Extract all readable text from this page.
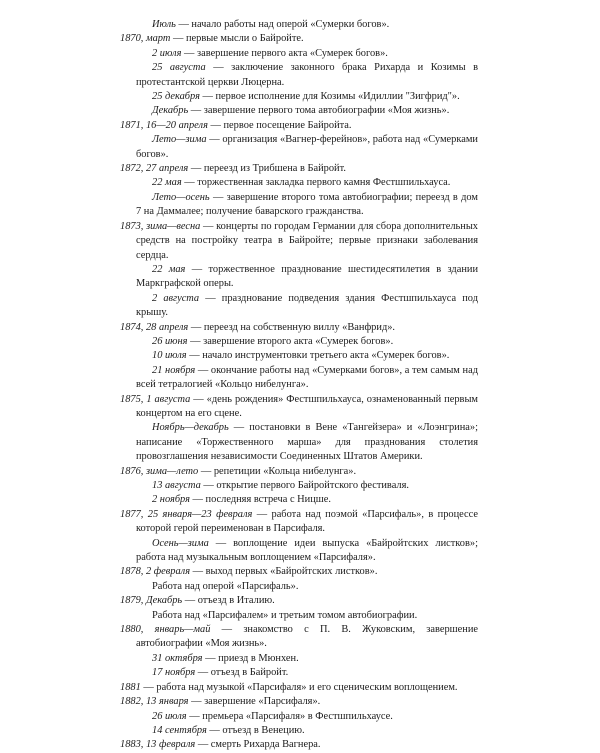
Июль — начало работы над оперой «Сумерки богов».

1870, март — первые мысли о Байройте.

2 июля — завершение первого акта «Сумерек богов».

25 августа — заключение законного брака Рихарда и Козимы в протестантской церкви Люцерна.

25 декабря — первое исполнение для Козимы «Идиллии "Зигфрид"».

Декабрь — завершение первого тома автобиографии «Моя жизнь».

1871, 16—20 апреля — первое посещение Байройта.

Лето—зима — организация «Вагнер-ферейнов», работа над «Сумерками богов».

1872, 27 апреля — переезд из Трибшена в Байройт.

22 мая — торжественная закладка первого камня Фестшпильхауса.

Лето—осень — завершение второго тома автобиографии; переезд в дом 7 на Даммалее; получение баварского гражданства.

1873, зима—весна — концерты по городам Германии для сбора дополнительных средств на постройку театра в Байройте; первые признаки заболевания сердца.

22 мая — торжественное празднование шестидесятилетия в здании Маркграфской оперы.

2 августа — празднование подведения здания Фестшпильхауса под крышу.

1874, 28 апреля — переезд на собственную виллу «Ванфрид».

26 июня — завершение второго акта «Сумерек богов».

10 июля — начало инструментовки третьего акта «Сумерек богов».

21 ноября — окончание работы над «Сумерками богов», а тем самым над всей тетралогией «Кольцо нибелунга».

1875, 1 августа — «день рождения» Фестшпильхауса, ознаменованный первым концертом на его сцене.

Ноябрь—декабрь — постановки в Вене «Тангейзера» и «Лоэнгрина»; написание «Торжественного марша» для празднования столетия провозглашения независимости Соединенных Штатов Америки.

1876, зима—лето — репетиции «Кольца нибелунга».

13 августа — открытие первого Байройтского фестиваля.

2 ноября — последняя встреча с Ницше.

1877, 25 января—23 февраля — работа над поэмой «Парсифаль», в процессе которой герой переименован в Парсифаля.

Осень—зима — воплощение идеи выпуска «Байройтских листков»; работа над музыкальным воплощением «Парсифаля».

1878, 2 февраля — выход первых «Байройтских листков».

Работа над оперой «Парсифаль».

1879, Декабрь — отъезд в Италию.

Работа над «Парсифалем» и третьим томом автобиографии.

1880, январь—май — знакомство с П. В. Жуковским, завершение автобиографии «Моя жизнь».

31 октября — приезд в Мюнхен.

17 ноября — отъезд в Байройт.

1881 — работа над музыкой «Парсифаля» и его сценическим воплощением.

1882, 13 января — завершение «Парсифаля».

26 июля — премьера «Парсифаля» в Фестшпильхаусе.

14 сентября — отъезд в Венецию.

1883, 13 февраля — смерть Рихарда Вагнера.
